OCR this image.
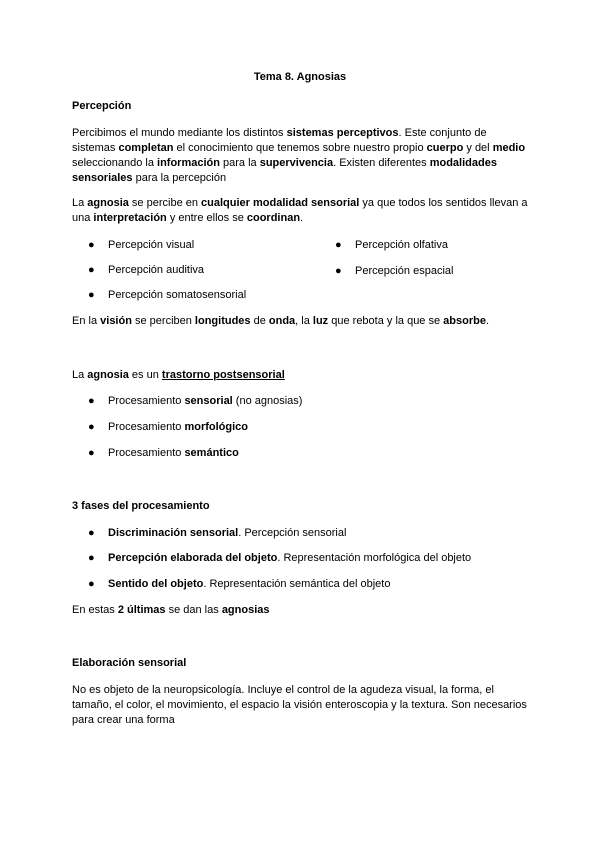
Tema 8. Agnosias
Percepción
Percibimos el mundo mediante los distintos sistemas perceptivos. Este conjunto de sistemas completan el conocimiento que tenemos sobre nuestro propio cuerpo y del medio seleccionando la información para la supervivencia. Existen diferentes modalidades sensoriales para la percepción
La agnosia se percibe en cualquier modalidad sensorial ya que todos los sentidos llevan a una interpretación y entre ellos se coordinan.
● Percepción visual
● Percepción auditiva
● Percepción somatosensorial
● Percepción olfativa
● Percepción espacial
En la visión se perciben longitudes de onda, la luz que rebota y la que se absorbe.
La agnosia es un trastorno postsensorial
● Procesamiento sensorial (no agnosias)
● Procesamiento morfológico
● Procesamiento semántico
3 fases del procesamiento
● Discriminación sensorial. Percepción sensorial
● Percepción elaborada del objeto. Representación morfológica del objeto
● Sentido del objeto. Representación semántica del objeto
En estas 2 últimas se dan las agnosias
Elaboración sensorial
No es objeto de la neuropsicología. Incluye el control de la agudeza visual, la forma, el tamaño, el color, el movimiento, el espacio la visión enteroscopia y la textura. Son necesarios para crear una forma
